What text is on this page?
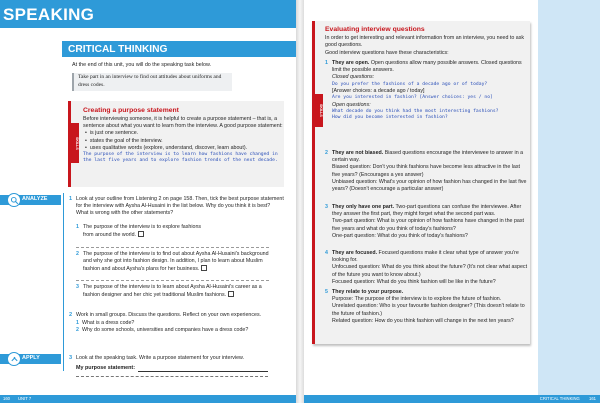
SPEAKING
CRITICAL THINKING
At the end of this unit, you will do the speaking task below.
Take part in an interview to find out attitudes about uniforms and dress codes.
SKILLS
Creating a purpose statement
Before interviewing someone, it is helpful to create a purpose statement – that is, a sentence about what you want to learn from the interview. A good purpose statement:
• is just one sentence.
• states the goal of the interview.
• uses qualitative words (explore, understand, discover, learn about).
The purpose of the interview is to learn how fashions have changed in the last five years and to explore fashion trends of the next decade.
ANALYZE
APPLY
1 Look at your outline from Listening 2 on page 158. Then, tick the best purpose statement for the interview with Aysha Al-Husaini in the list below. Why do you think it is best? What is wrong with the other statements?
1 The purpose of the interview is to explore fashions from around the world.
2 The purpose of the interview is to find out about Aysha Al-Husaini's background and why she got into fashion design. In addition, I plan to learn about Muslim fashion and about Aysha's plans for her business.
3 The purpose of the interview is to learn about Aysha Al-Husaini's career as a fashion designer and her chic yet traditional Muslim fashions.
2 Work in small groups. Discuss the questions. Reflect on your own experiences.
1 What is a dress code?
2 Why do some schools, universities and companies have a dress code?
3 Look at the speaking task. Write a purpose statement for your interview.
My purpose statement:
160 UNIT 7
SKILLS
Evaluating interview questions
In order to get interesting and relevant information from an interview, you need to ask good questions.
Good interview questions have these characteristics:
1 They are open. Open questions allow many possible answers. Closed questions limit the possible answers.
Closed questions:
Do you prefer the fashions of a decade ago or of today?
[Answer choices: a decade ago / today]
Are you interested in fashion? [Answer choices: yes / no]
Open questions:
What decade do you think had the most interesting fashions?
How did you become interested in fashion?
2 They are not biased. Biased questions encourage the interviewee to answer in a certain way.
Biased question: Don't you think fashions have become less attractive in the last five years? (Encourages a yes answer)
Unbiased question: What's your opinion of how fashion has changed in the last five years? (Doesn't encourage a particular answer)
3 They only have one part. Two-part questions can confuse the interviewee. After they answer the first part, they might forget what the second part was.
Two-part question: What is your opinion of how fashions have changed in the past five years and what do you think of today's fashions?
One-part question: What do you think of today's fashions?
4 They are focused. Focused questions make it clear what type of answer you're looking for.
Unfocused question: What do you think about the future? (It's not clear what aspect of the future you want to know about.)
Focused question: What do you think fashion will be like in the future?
5 They relate to your purpose.
Purpose: The purpose of the interview is to explore the future of fashion.
Unrelated question: Who is your favourite fashion designer? (This doesn't relate to the future of fashion.)
Related question: How do you think fashion will change in the next ten years?
CRITICAL THINKING 161
